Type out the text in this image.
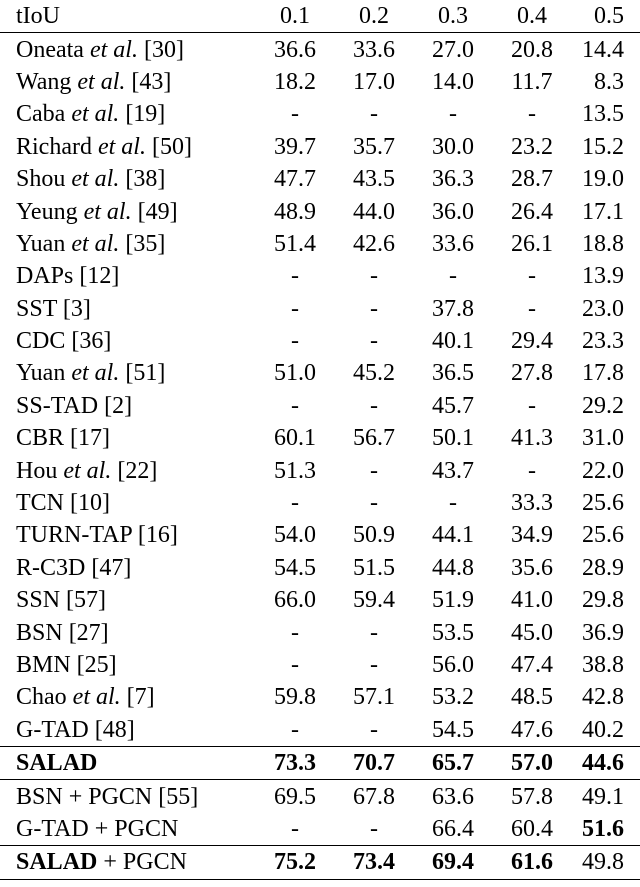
tIoU	0.1	0.2	0.3	0.4	0.5
Oneata et al. [30]	36.6	33.6	27.0	20.8	14.4
Wang et al. [43]	18.2	17.0	14.0	11.7	8.3
Caba et al. [19]	-	-	-	-	13.5
Richard et al. [50]	39.7	35.7	30.0	23.2	15.2
Shou et al. [38]	47.7	43.5	36.3	28.7	19.0
Yeung et al. [49]	48.9	44.0	36.0	26.4	17.1
Yuan et al. [35]	51.4	42.6	33.6	26.1	18.8
DAPs [12]	-	-	-	-	13.9
SST [3]	-	-	37.8	-	23.0
CDC [36]	-	-	40.1	29.4	23.3
Yuan et al. [51]	51.0	45.2	36.5	27.8	17.8
SS-TAD [2]	-	-	45.7	-	29.2
CBR [17]	60.1	56.7	50.1	41.3	31.0
Hou et al. [22]	51.3	-	43.7	-	22.0
TCN [10]	-	-	-	33.3	25.6
TURN-TAP [16]	54.0	50.9	44.1	34.9	25.6
R-C3D [47]	54.5	51.5	44.8	35.6	28.9
SSN [57]	66.0	59.4	51.9	41.0	29.8
BSN [27]	-	-	53.5	45.0	36.9
BMN [25]	-	-	56.0	47.4	38.8
Chao et al. [7]	59.8	57.1	53.2	48.5	42.8
G-TAD [48]	-	-	54.5	47.6	40.2
SALAD	73.3	70.7	65.7	57.0	44.6
BSN + PGCN [55]	69.5	67.8	63.6	57.8	49.1
G-TAD + PGCN	-	-	66.4	60.4	51.6
SALAD + PGCN	75.2	73.4	69.4	61.6	49.8
